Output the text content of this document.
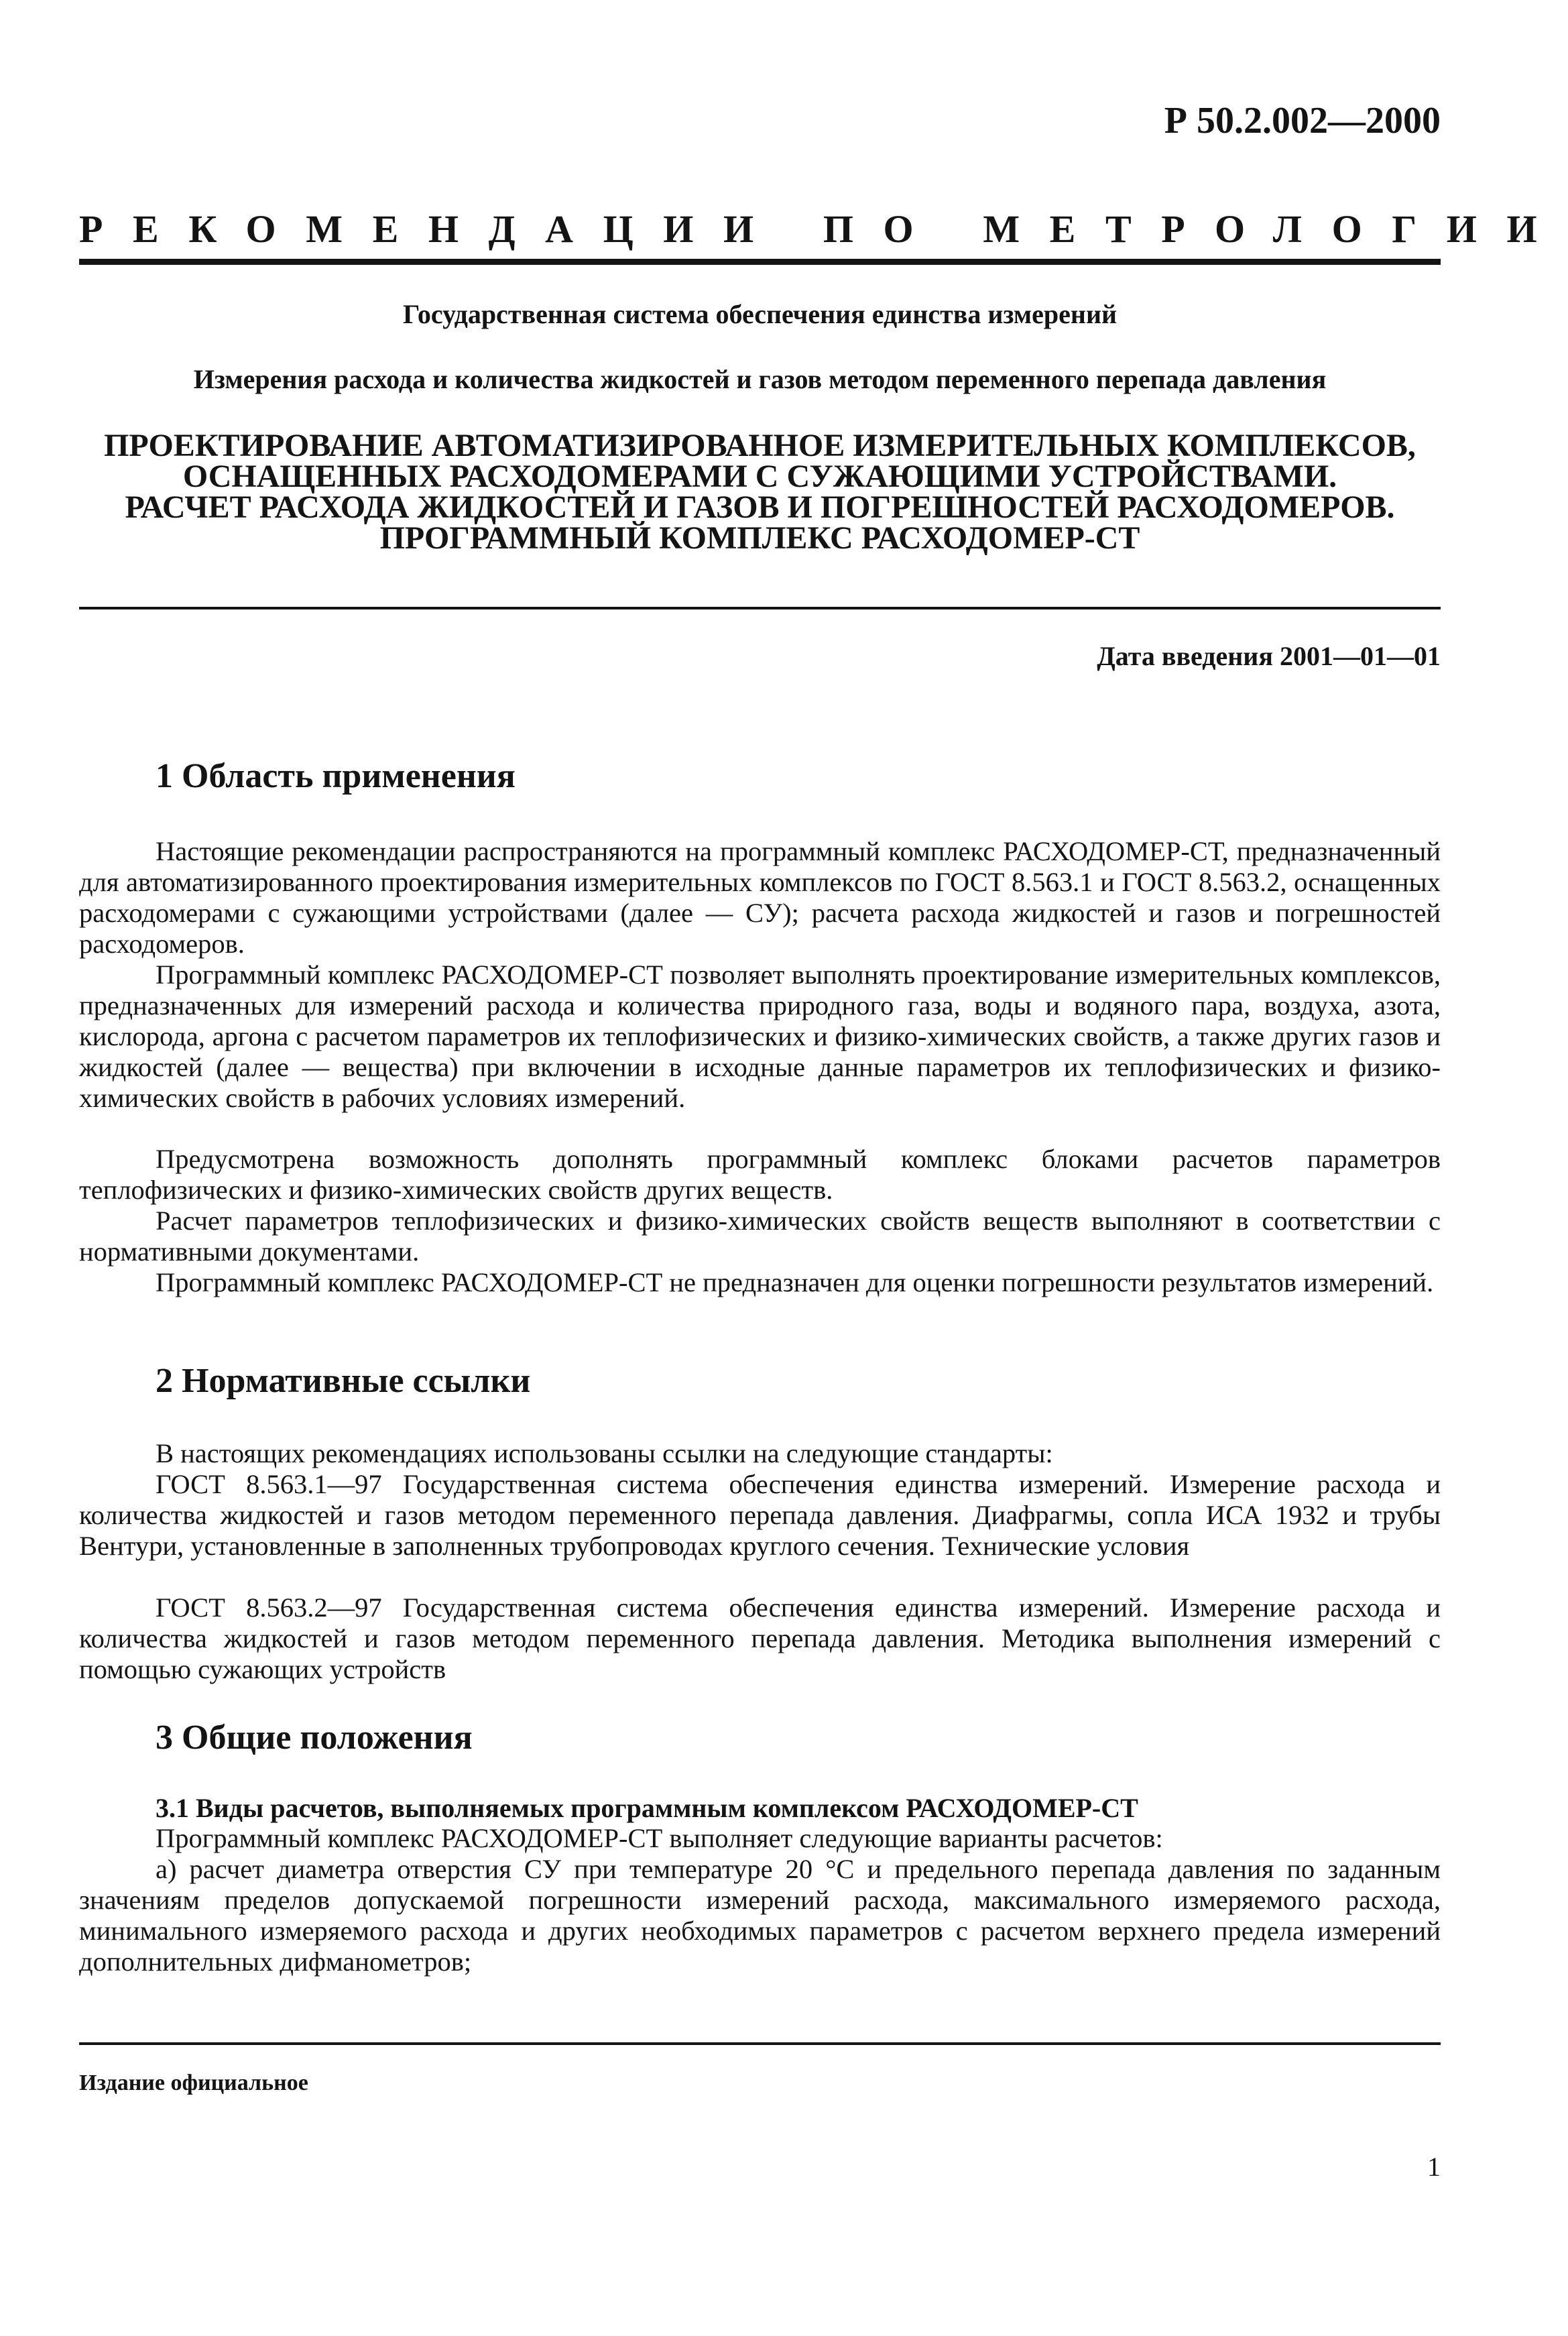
Р 50.2.002—2000
РЕКОМЕНДАЦИИ ПО МЕТРОЛОГИИ
Государственная система обеспечения единства измерений
Измерения расхода и количества жидкостей и газов методом переменного перепада давления
ПРОЕКТИРОВАНИЕ АВТОМАТИЗИРОВАННОЕ ИЗМЕРИТЕЛЬНЫХ КОМПЛЕКСОВ,
ОСНАЩЕННЫХ РАСХОДОМЕРАМИ С СУЖАЮЩИМИ УСТРОЙСТВАМИ.
РАСЧЕТ РАСХОДА ЖИДКОСТЕЙ И ГАЗОВ И ПОГРЕШНОСТЕЙ РАСХОДОМЕРОВ.
ПРОГРАММНЫЙ КОМПЛЕКС РАСХОДОМЕР-СТ
Дата введения 2001—01—01
1 Область применения

Настоящие рекомендации распространяются на программный комплекс РАСХОДОМЕР-СТ, предназначенный для автоматизированного проектирования измерительных комплексов по ГОСТ 8.563.1 и ГОСТ 8.563.2, оснащенных расходомерами с сужающими устройствами (далее — СУ); расчета расхода жидкостей и газов и погрешностей расходомеров.

Программный комплекс РАСХОДОМЕР-СТ позволяет выполнять проектирование измерительных комплексов, предназначенных для измерений расхода и количества природного газа, воды и водяного пара, воздуха, азота, кислорода, аргона с расчетом параметров их теплофизических и физико-химических свойств, а также других газов и жидкостей (далее — вещества) при включении в исходные данные параметров их теплофизических и физико-химических свойств в рабочих условиях измерений.

Предусмотрена возможность дополнять программный комплекс блоками расчетов параметров теплофизических и физико-химических свойств других веществ.

Расчет параметров теплофизических и физико-химических свойств веществ выполняют в соответствии с нормативными документами.

Программный комплекс РАСХОДОМЕР-СТ не предназначен для оценки погрешности результатов измерений.

2 Нормативные ссылки

В настоящих рекомендациях использованы ссылки на следующие стандарты:

ГОСТ 8.563.1—97 Государственная система обеспечения единства измерений. Измерение расхода и количества жидкостей и газов методом переменного перепада давления. Диафрагмы, сопла ИСА 1932 и трубы Вентури, установленные в заполненных трубопроводах круглого сечения. Технические условия

ГОСТ 8.563.2—97 Государственная система обеспечения единства измерений. Измерение расхода и количества жидкостей и газов методом переменного перепада давления. Методика выполнения измерений с помощью сужающих устройств

3 Общие положения
3.1 Виды расчетов, выполняемых программным комплексом РАСХОДОМЕР-СТ

Программный комплекс РАСХОДОМЕР-СТ выполняет следующие варианты расчетов:

а) расчет диаметра отверстия СУ при температуре 20 °С и предельного перепада давления по заданным значениям пределов допускаемой погрешности измерений расхода, максимального измеряемого расхода, минимального измеряемого расхода и других необходимых параметров с расчетом верхнего предела измерений дополнительных дифманометров;

Издание официальное
1
